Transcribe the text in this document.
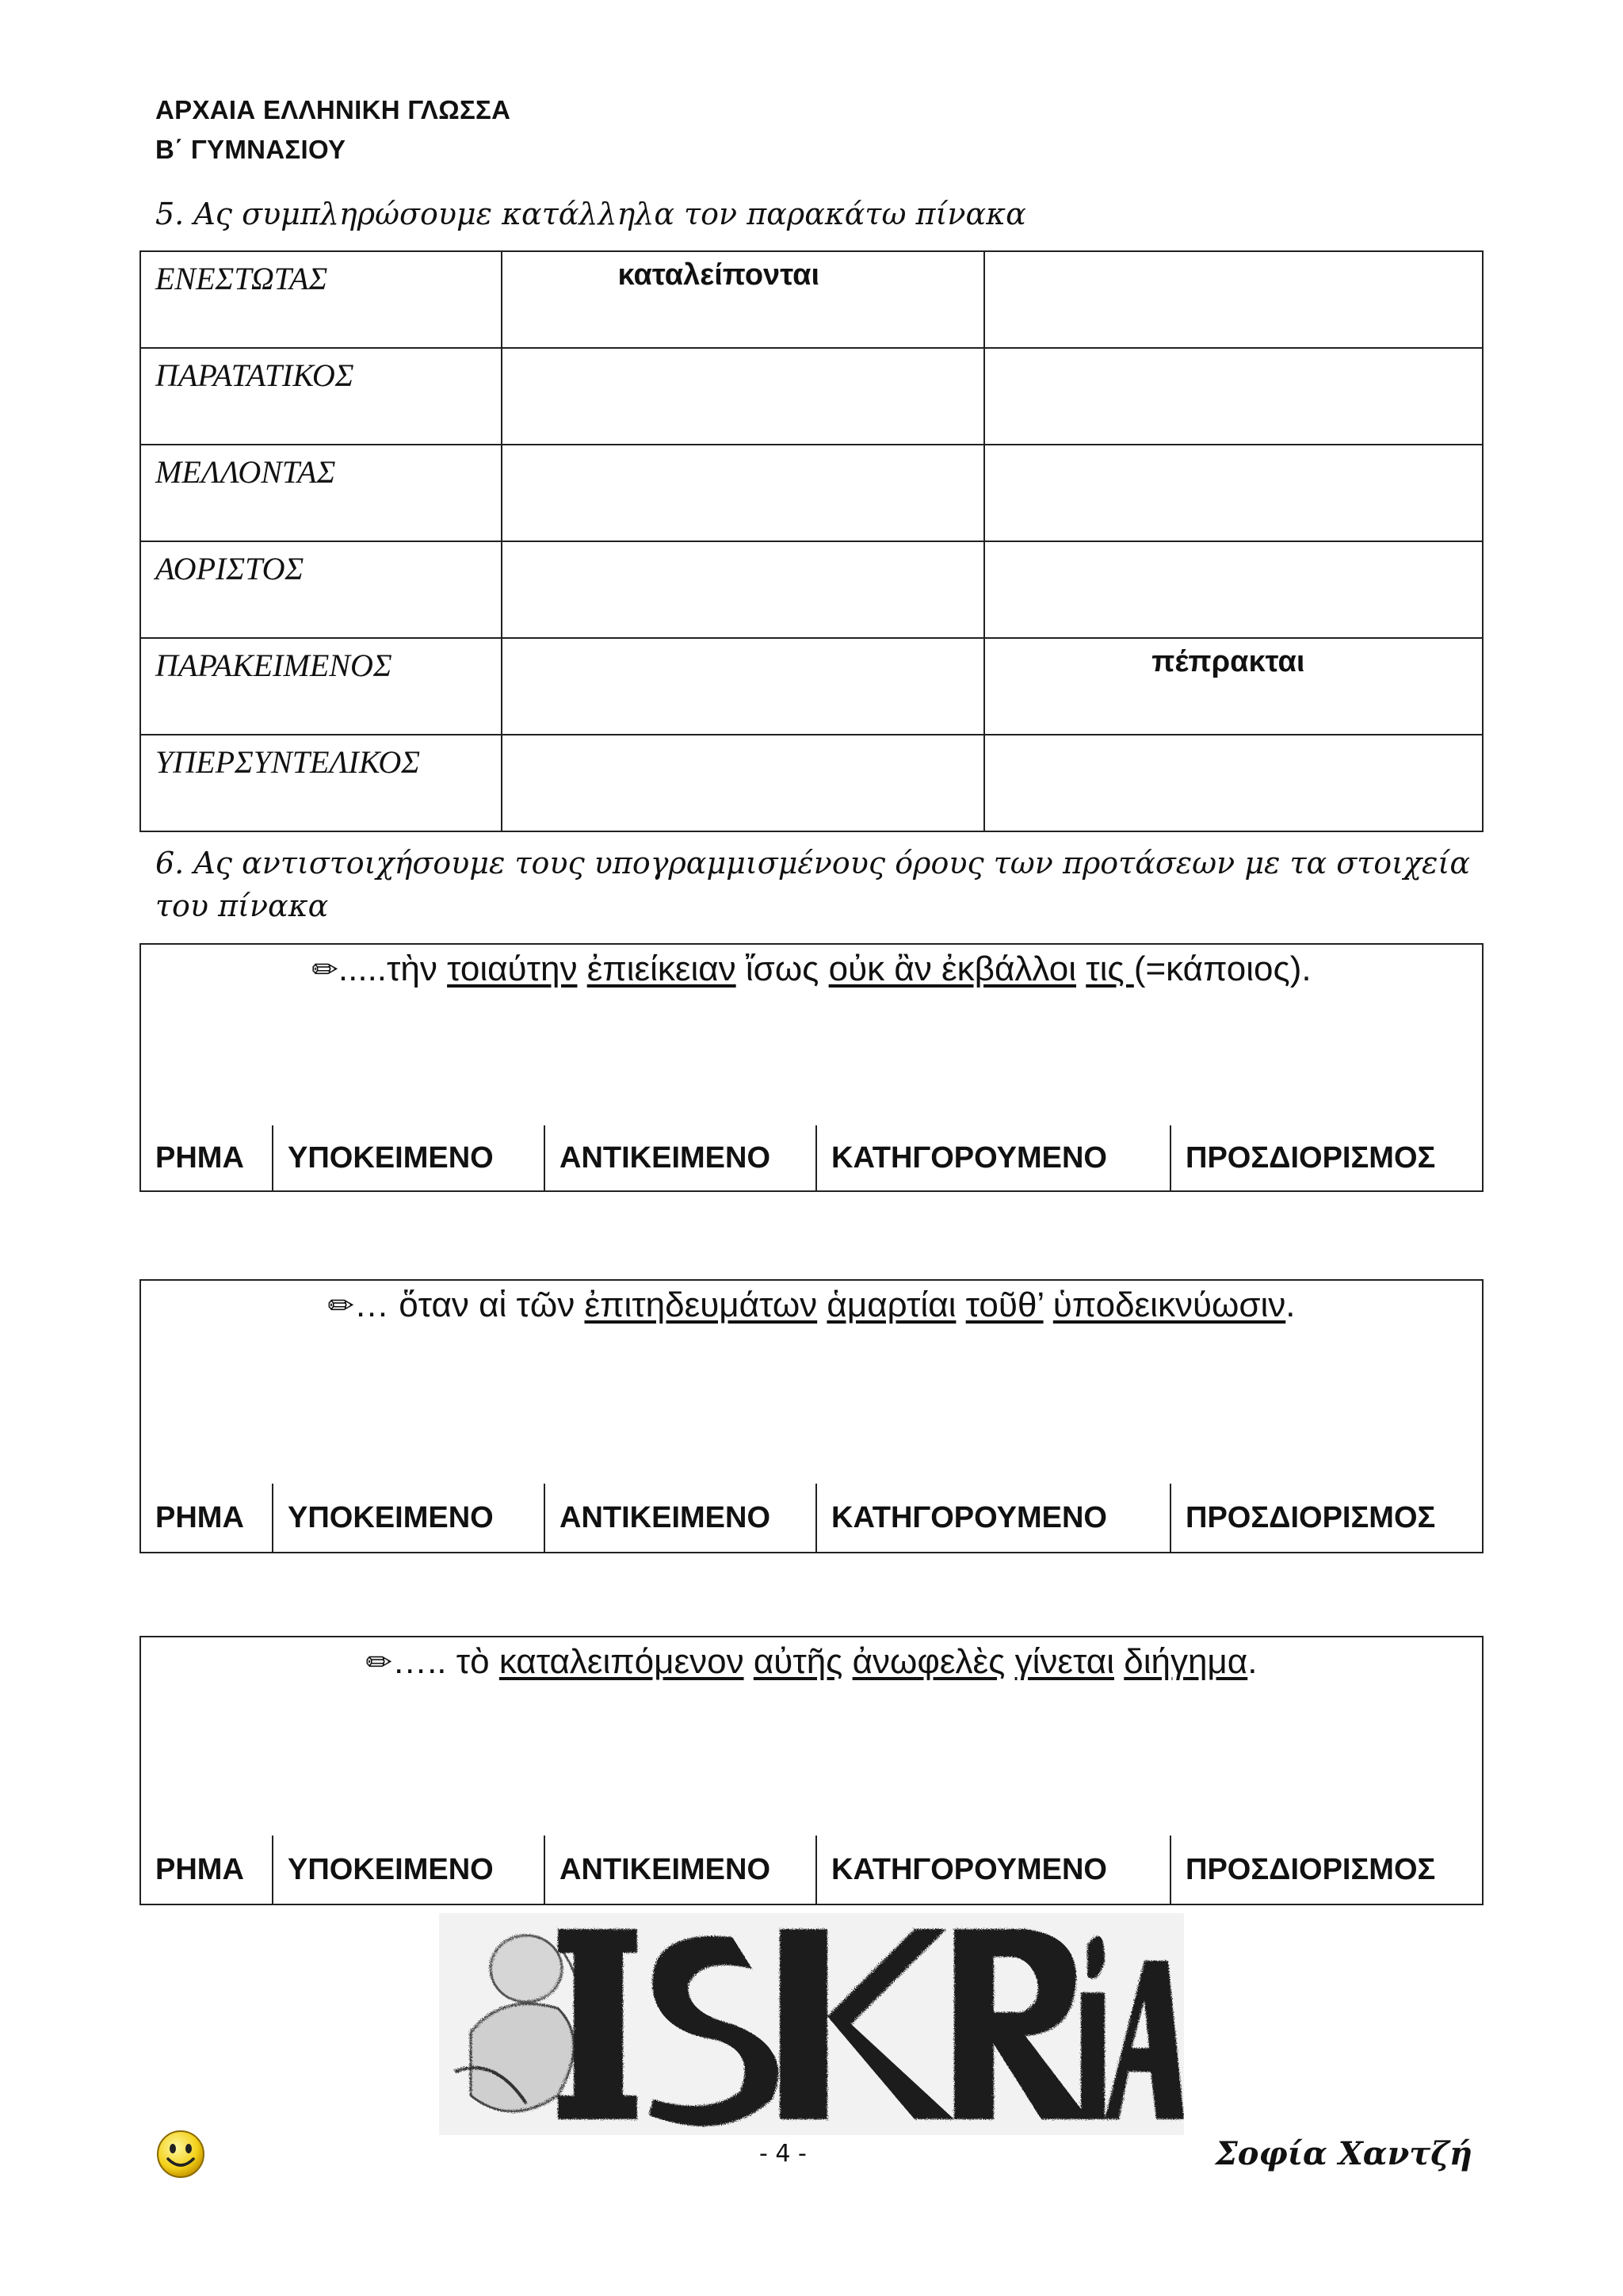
ΑΡΧΑΙΑ ΕΛΛΗΝΙΚΗ ΓΛΩΣΣΑ
Β΄ ΓΥΜΝΑΣΙΟΥ
5. Ας συμπληρώσουμε κατάλληλα τον παρακάτω πίνακα
ΕΝΕΣΤΩΤΑΣ	καταλείπονται	
ΠΑΡΑΤΑΤΙΚΟΣ		
ΜΕΛΛΟΝΤΑΣ		
ΑΟΡΙΣΤΟΣ		
ΠΑΡΑΚΕΙΜΕΝΟΣ		πέπρακται
ΥΠΕΡΣΥΝΤΕΛΙΚΟΣ		
6. Ας αντιστοιχήσουμε τους υπογραμμισμένους όρους των προτάσεων με τα στοιχεία του πίνακα
✏.....τὴν τοιαύτην ἐπιείκειαν ἴσως οὐκ ἂν ἐκβάλλοι τις (=κάποιος).
ΡΗΜΑ	ΥΠΟΚΕΙΜΕΝΟ	ΑΝΤΙΚΕΙΜΕΝΟ	ΚΑΤΗΓΟΡΟΥΜΕΝΟ	ΠΡΟΣΔΙΟΡΙΣΜΟΣ
✏… ὅταν αἱ τῶν ἐπιτηδευμάτων ἁμαρτίαι τοῦθ’ ὑποδεικνύωσιν.
ΡΗΜΑ	ΥΠΟΚΕΙΜΕΝΟ	ΑΝΤΙΚΕΙΜΕΝΟ	ΚΑΤΗΓΟΡΟΥΜΕΝΟ	ΠΡΟΣΔΙΟΡΙΣΜΟΣ
✏….. τὸ καταλειπόμενον αὐτῆς ἀνωφελὲς γίνεται διήγημα.
ΡΗΜΑ	ΥΠΟΚΕΙΜΕΝΟ	ΑΝΤΙΚΕΙΜΕΝΟ	ΚΑΤΗΓΟΡΟΥΜΕΝΟ	ΠΡΟΣΔΙΟΡΙΣΜΟΣ
- 4 -	Σοφία Χαντζή
